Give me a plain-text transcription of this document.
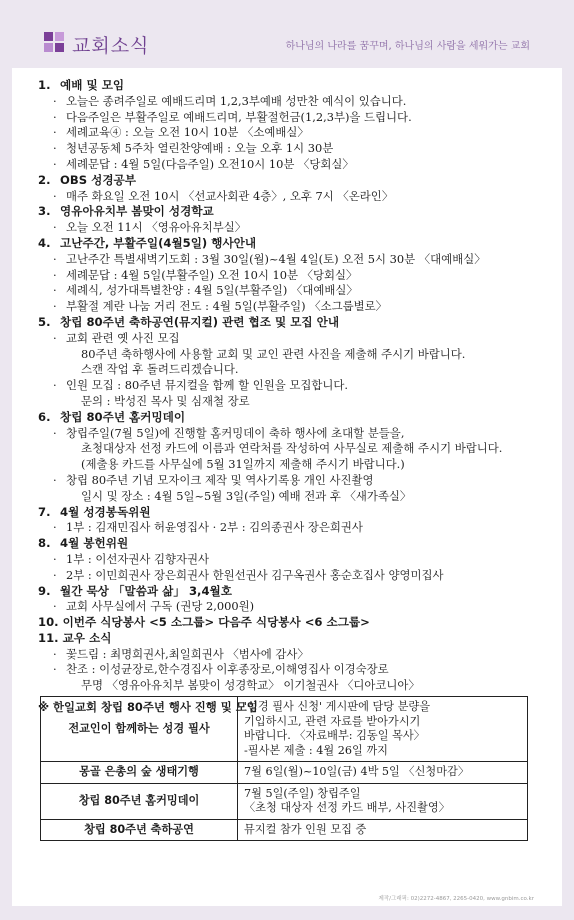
교회소식	하나님의 나라를 꿈꾸며, 하나님의 사람을 세워가는 교회
1. 예배 및 모임
· 오늘은 종려주일로 예배드리며 1,2,3부예배 성만찬 예식이 있습니다.
· 다음주일은 부활주일로 예배드리며, 부활절헌금(1,2,3부)을 드립니다.
· 세례교육④ : 오늘 오전 10시 10분 〈소예배실〉
· 청년공동체 5주차 열린찬양예배 : 오늘 오후 1시 30분
· 세례문답 : 4월 5일(다음주일) 오전10시 10분 〈당회실〉
2. OBS 성경공부
· 매주 화요일 오전 10시 〈선교사회관 4층〉, 오후 7시 〈온라인〉
3. 영유아유치부 봄맞이 성경학교
· 오늘 오전 11시 〈영유아유치부실〉
4. 고난주간, 부활주일(4월5일) 행사안내
· 고난주간 특별새벽기도회 : 3월 30일(월)~4월 4일(토) 오전 5시 30분 〈대예배실〉
· 세례문답 : 4월 5일(부활주일) 오전 10시 10분 〈당회실〉
· 세례식, 성가대특별찬양 : 4월 5일(부활주일) 〈대예배실〉
· 부활절 계란 나눔 거리 전도 : 4월 5일(부활주일) 〈소그룹별로〉
5. 창립 80주년 축하공연(뮤지컬) 관련 협조 및 모집 안내
· 교회 관련 옛 사진 모집
80주년 축하행사에 사용할 교회 및 교인 관련 사진을 제출해 주시기 바랍니다.
스캔 작업 후 돌려드리겠습니다.
· 인원 모집 : 80주년 뮤지컬을 함께 할 인원을 모집합니다.
문의 : 박성진 목사 및 심재철 장로
6. 창립 80주년 홈커밍데이
· 창립주일(7월 5일)에 진행할 홈커밍데이 축하 행사에 초대할 분들을,
초청대상자 선정 카드에 이름과 연락처를 작성하여 사무실로 제출해 주시기 바랍니다.
(제출용 카드를 사무실에 5월 31일까지 제출해 주시기 바랍니다.)
· 창립 80주년 기념 모자이크 제작 및 역사기록용 개인 사진촬영
일시 및 장소 : 4월 5일~5월 3일(주일) 예배 전과 후 〈새가족실〉
7. 4월 성경봉독위원
· 1부 : 김재민집사 허윤영집사 · 2부 : 김의종권사 장은희권사
8. 4월 봉헌위원
· 1부 : 이선자권사 김향자권사
· 2부 : 이민희권사 장은희권사 한원선권사 김구옥권사 홍순호집사 양영미집사
9. 월간 묵상 「말씀과 삶」 3,4월호
· 교회 사무실에서 구독 (권당 2,000원)
10. 이번주 식당봉사 <5 소그룹> 다음주 식당봉사 <6 소그룹>
11. 교우 소식
· 꽃드림 : 최명희권사,최일희권사 〈범사에 감사〉
· 찬조 : 이성균장로,한수경집사 이후종장로,이해영집사 이경숙장로
무명 〈영유아유치부 봄맞이 성경학교〉 이기철권사 〈디아코니아〉
※ 한일교회 창립 80주년 행사 진행 및 모임
전교인이 함께하는 성경 필사	'성경 필사 신청' 게시판에 담당 분량을
기입하시고, 관련 자료를 받아가시기
바랍니다. 〈자료배부: 김동일 목사〉
-필사본 제출 : 4월 26일 까지

몽골 은총의 숲 생태기행	7월 6일(월)~10일(금) 4박 5일 〈신청마감〉

창립 80주년 홈커밍데이	7월 5일(주일) 창립주일
〈초청 대상자 선정 카드 배부, 사진촬영〉

창립 80주년 축하공연	뮤지컬 참가 인원 모집 중
제작/그래픽: 02)2272-4867, 2265-0420, www.gnbim.co.kr
